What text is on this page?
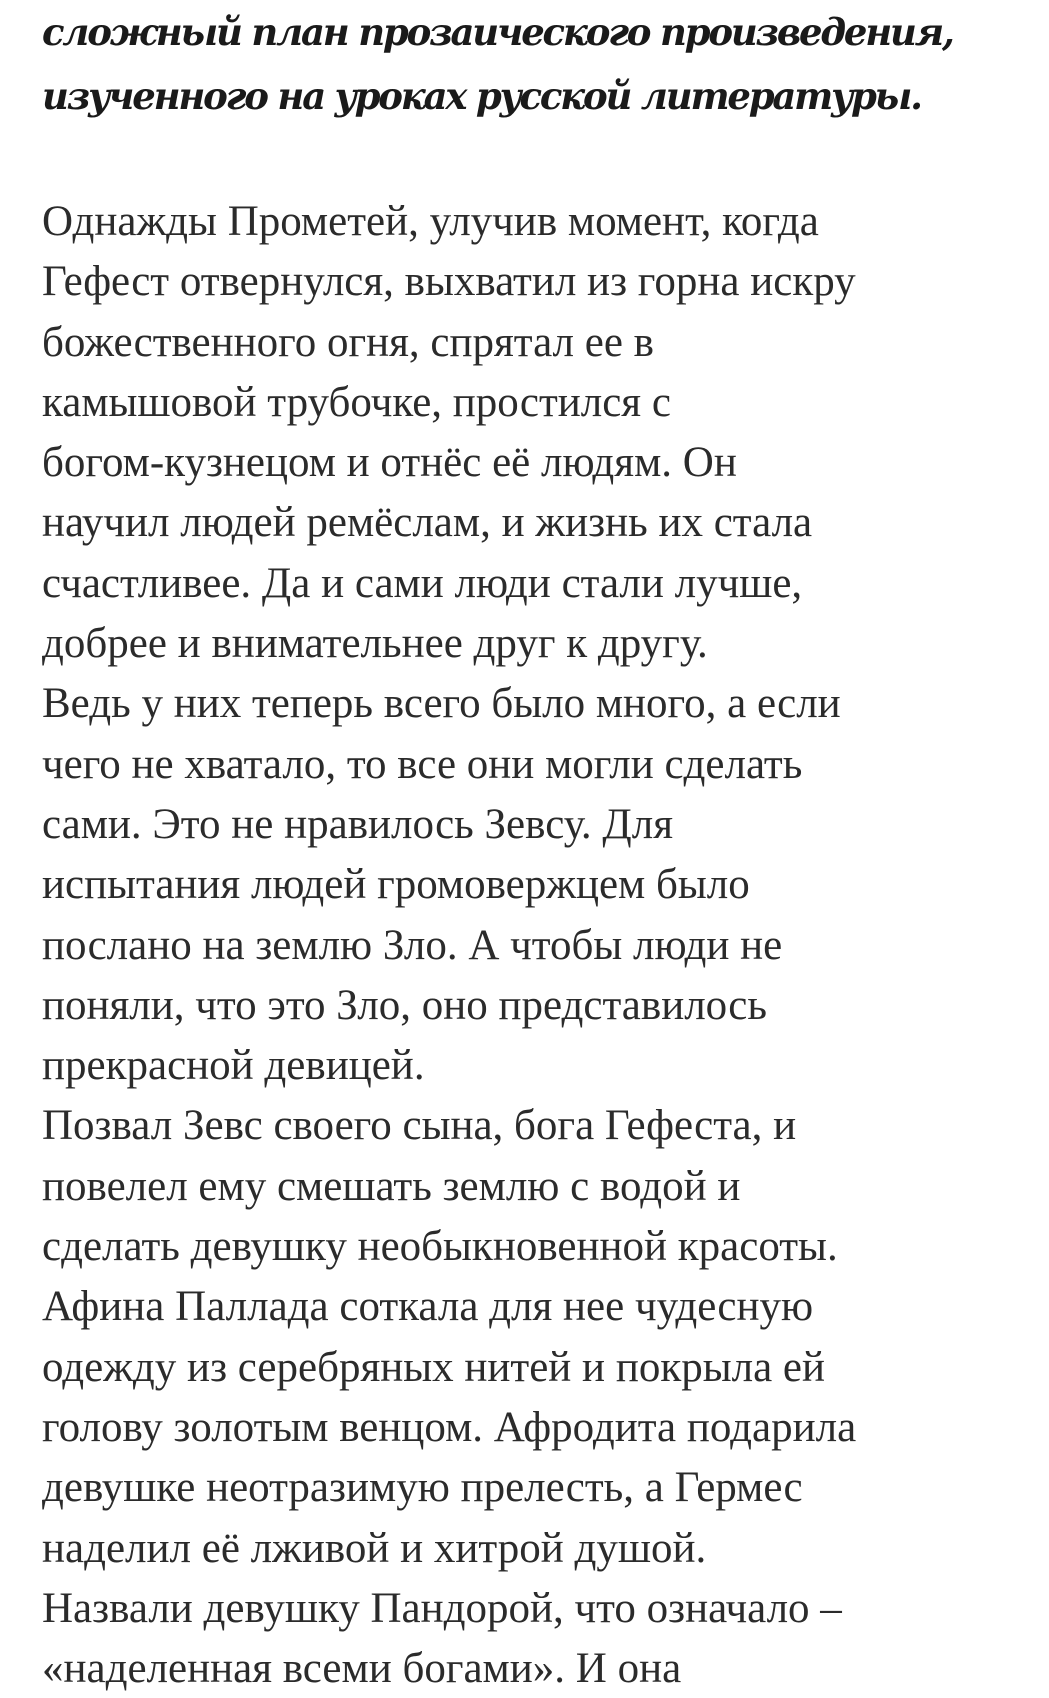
сложный план прозаического произведения,
изученного на уроках русской литературы.
Однажды Прометей, улучив момент, когда
Гефест отвернулся, выхватил из горна искру
божественного огня, спрятал ее в
камышовой трубочке, простился с
богом-кузнецом и отнёс её людям. Он
научил людей ремёслам, и жизнь их стала
счастливее. Да и сами люди стали лучше,
добрее и внимательнее друг к другу.
Ведь у них теперь всего было много, а если
чего не хватало, то все они могли сделать
сами. Это не нравилось Зевсу. Для
испытания людей громовержцем было
послано на землю Зло. А чтобы люди не
поняли, что это Зло, оно представилось
прекрасной девицей.
Позвал Зевс своего сына, бога Гефеста, и
повелел ему смешать землю с водой и
сделать девушку необыкновенной красоты.
Афина Паллада соткала для нее чудесную
одежду из серебряных нитей и покрыла ей
голову золотым венцом. Афродита подарила
девушке неотразимую прелесть, а Гермес
наделил её лживой и хитрой душой.
Назвали девушку Пандорой, что означало –
«наделенная всеми богами». И она
